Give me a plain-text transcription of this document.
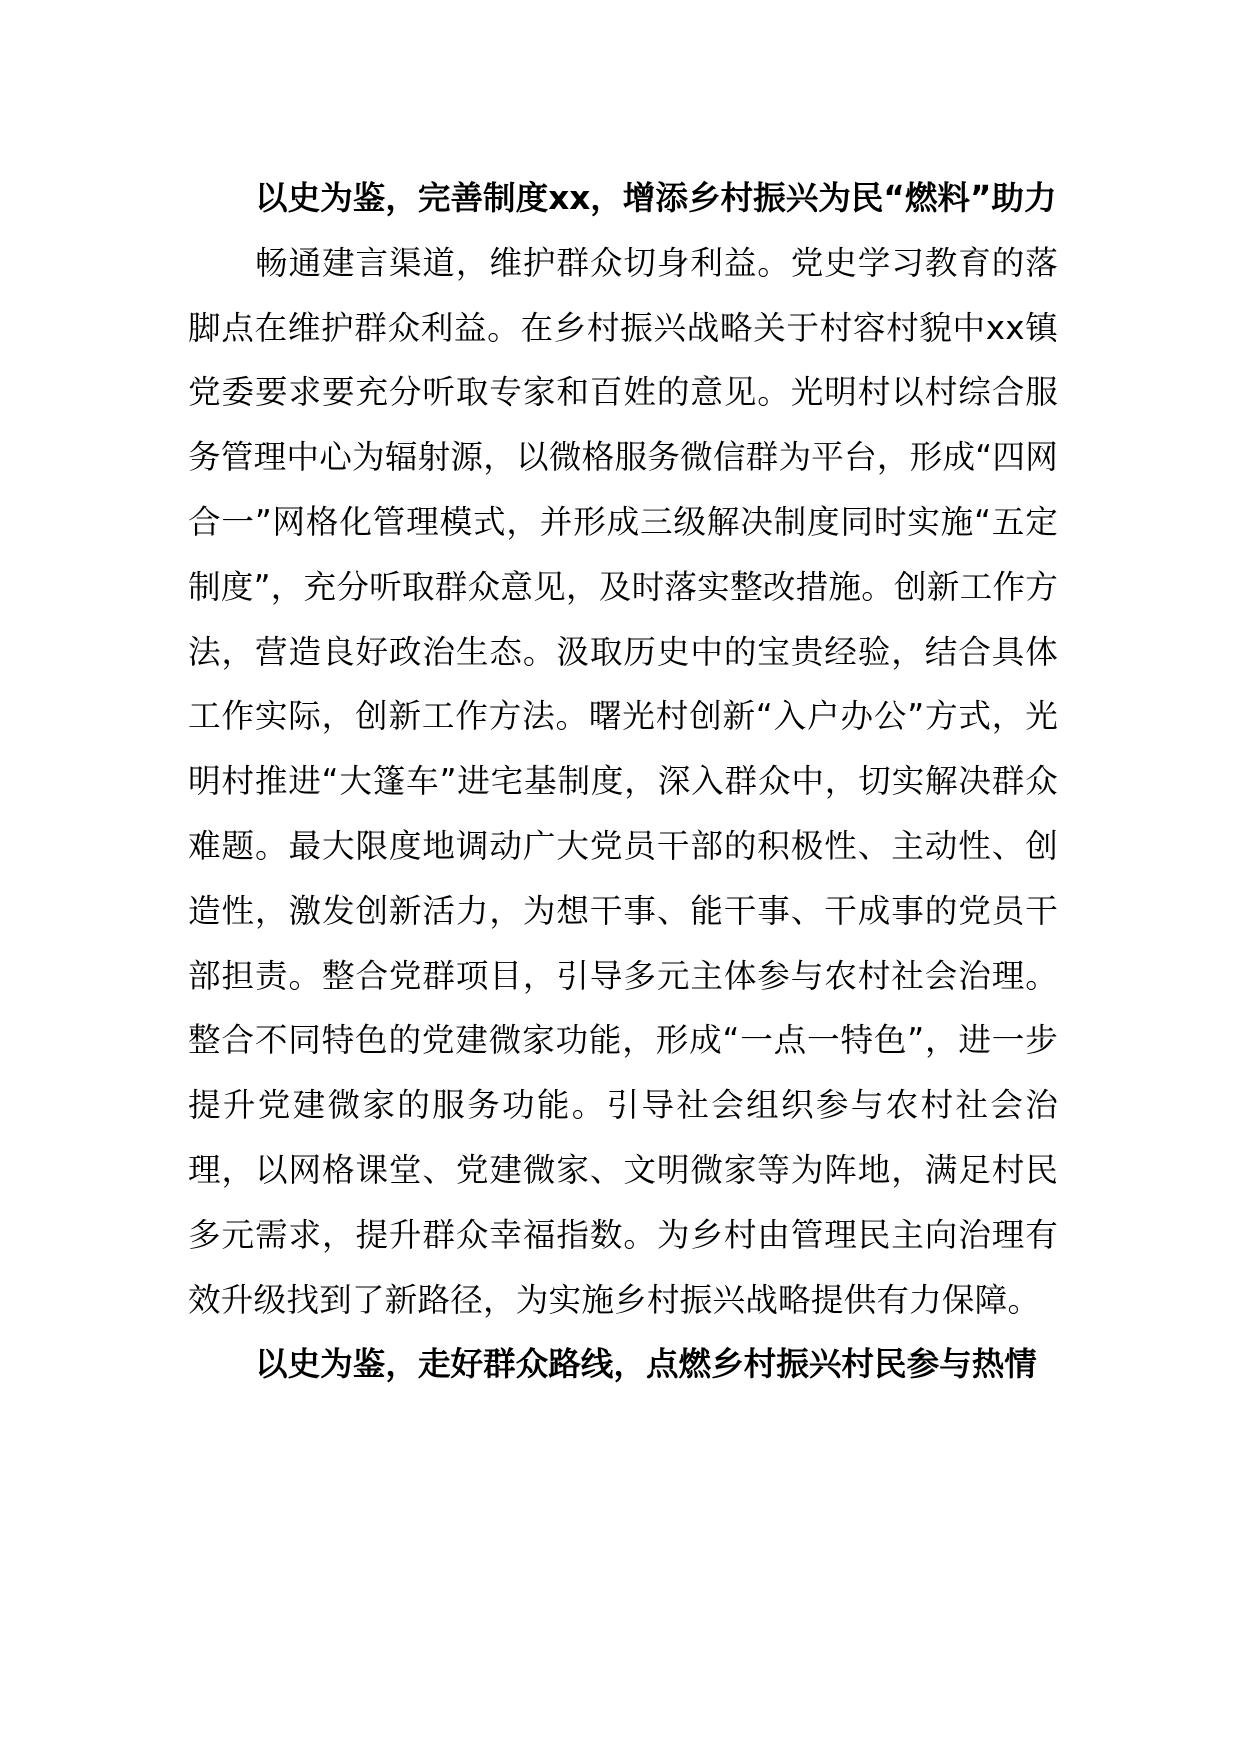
以史为鉴，完善制度xx，增添乡村振兴为民“燃料”助力

畅通建言渠道，维护群众切身利益。党史学习教育的落脚点在维护群众利益。在乡村振兴战略关于村容村貌中xx镇党委要求要充分听取专家和百姓的意见。光明村以村综合服务管理中心为辐射源，以微格服务微信群为平台，形成“四网合一”网格化管理模式，并形成三级解决制度同时实施“五定制度”，充分听取群众意见，及时落实整改措施。创新工作方法，营造良好政治生态。汲取历史中的宝贵经验，结合具体工作实际，创新工作方法。曙光村创新“入户办公”方式，光明村推进“大篷车”进宅基制度，深入群众中，切实解决群众难题。最大限度地调动广大党员干部的积极性、主动性、创造性，激发创新活力，为想干事、能干事、干成事的党员干部担责。整合党群项目，引导多元主体参与农村社会治理。整合不同特色的党建微家功能，形成“一点一特色”，进一步提升党建微家的服务功能。引导社会组织参与农村社会治理，以网格课堂、党建微家、文明微家等为阵地，满足村民多元需求，提升群众幸福指数。为乡村由管理民主向治理有效升级找到了新路径，为实施乡村振兴战略提供有力保障。

以史为鉴，走好群众路线，点燃乡村振兴村民参与热情
